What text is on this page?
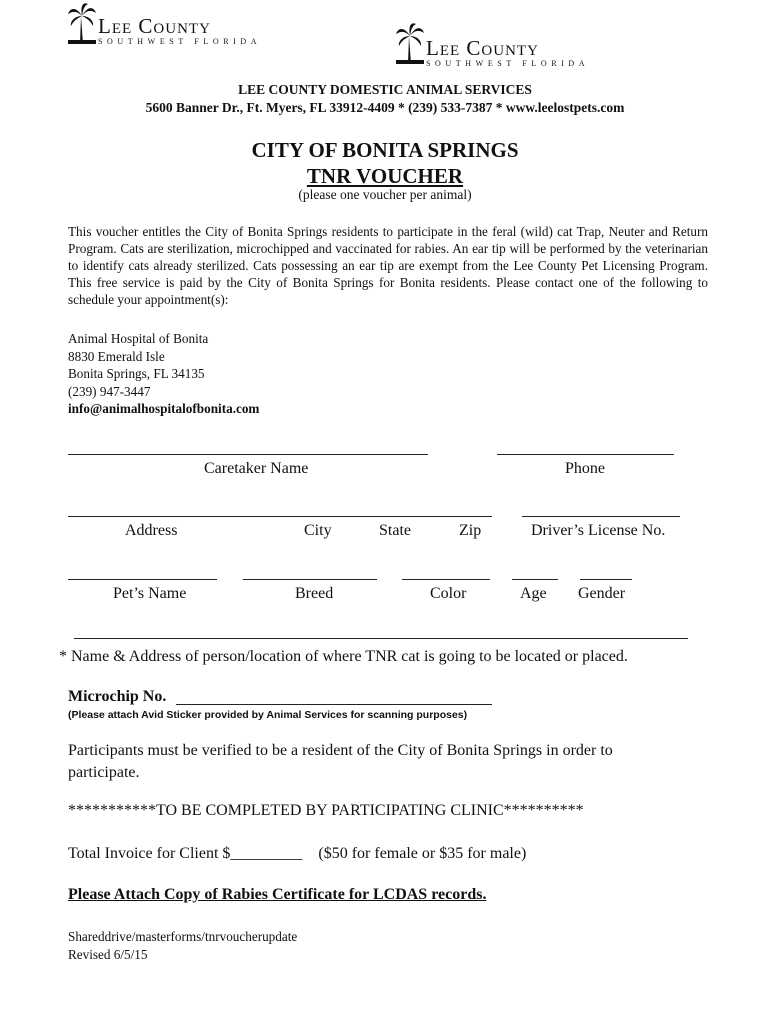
Lee County
SOUTHWEST FLORIDA	Lee County
SOUTHWEST FLORIDA
LEE COUNTY DOMESTIC ANIMAL SERVICES
5600 Banner Dr., Ft. Myers, FL 33912-4409 * (239) 533-7387 * www.leelostpets.com
CITY OF BONITA SPRINGS
TNR VOUCHER
(please one voucher per animal)
This voucher entitles the City of Bonita Springs residents to participate in the feral (wild) cat Trap, Neuter and Return Program. Cats are sterilization, microchipped and vaccinated for rabies. An ear tip will be performed by the veterinarian to identify cats already sterilized. Cats possessing an ear tip are exempt from the Lee County Pet Licensing Program. This free service is paid by the City of Bonita Springs for Bonita residents. Please contact one of the following to schedule your appointment(s):
Animal Hospital of Bonita
8830 Emerald Isle
Bonita Springs, FL 34135
(239) 947-3447
info@animalhospitalofbonita.com
Caretaker Name	Phone
Address	City	State	Zip	Driver’s License No.
Pet’s Name	Breed	Color	Age Gender
* Name & Address of person/location of where TNR cat is going to be located or placed.
Microchip No.
(Please attach Avid Sticker provided by Animal Services for scanning purposes)
Participants must be verified to be a resident of the City of Bonita Springs in order to participate.
***********TO BE COMPLETED BY PARTICIPATING CLINIC**********
Total Invoice for Client $_________ ($50 for female or $35 for male)
Please Attach Copy of Rabies Certificate for LCDAS records.
Shareddrive/masterforms/tnrvoucherupdate
Revised 6/5/15
